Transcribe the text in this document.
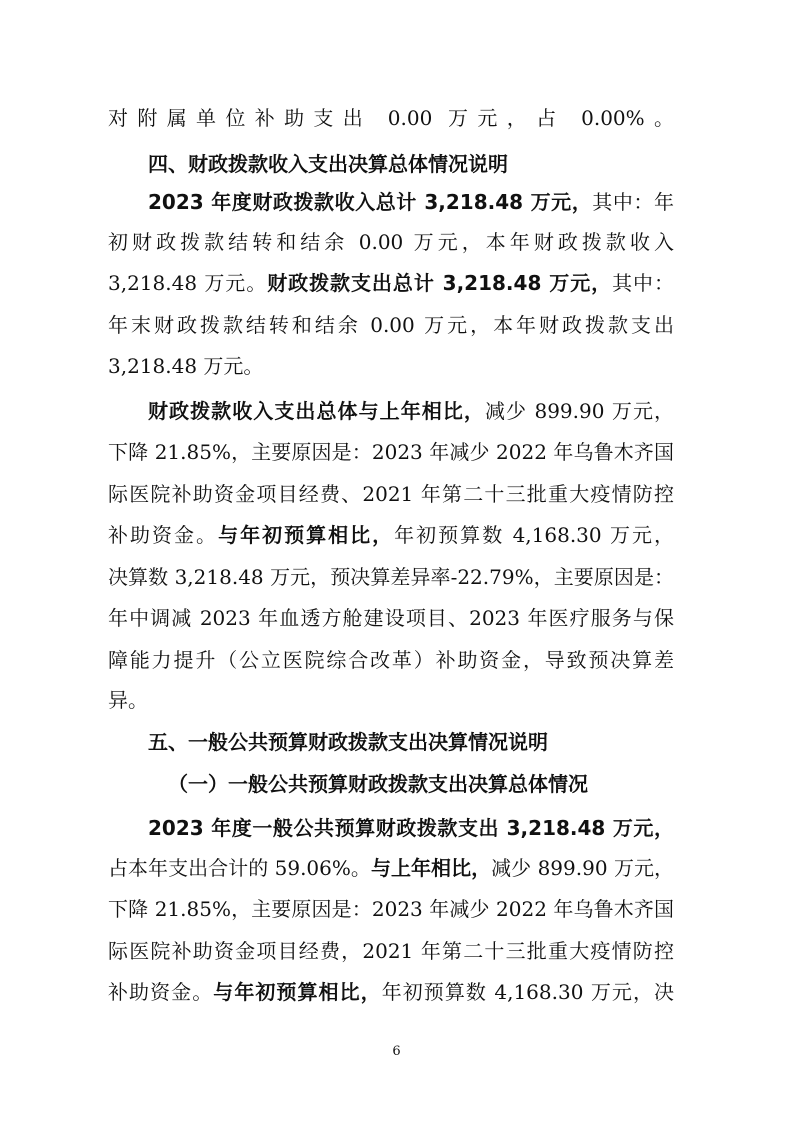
对附属单位补助支出 0.00 万元，占 0.00%。
四、财政拨款收入支出决算总体情况说明
2023 年度财政拨款收入总计 3,218.48 万元，其中：年
初财政拨款结转和结余 0.00 万元，本年财政拨款收入
3,218.48 万元。财政拨款支出总计 3,218.48 万元，其中：
年末财政拨款结转和结余 0.00 万元，本年财政拨款支出
3,218.48 万元。
财政拨款收入支出总体与上年相比，减少 899.90 万元，
下降 21.85%，主要原因是：2023 年减少 2022 年乌鲁木齐国
际医院补助资金项目经费、2021 年第二十三批重大疫情防控
补助资金。与年初预算相比，年初预算数 4,168.30 万元，
决算数 3,218.48 万元，预决算差异率-22.79%，主要原因是：
年中调减 2023 年血透方舱建设项目、2023 年医疗服务与保
障能力提升（公立医院综合改革）补助资金，导致预决算差
异。
五、一般公共预算财政拨款支出决算情况说明
（一）一般公共预算财政拨款支出决算总体情况
2023 年度一般公共预算财政拨款支出 3,218.48 万元，
占本年支出合计的 59.06%。与上年相比，减少 899.90 万元，
下降 21.85%，主要原因是：2023 年减少 2022 年乌鲁木齐国
际医院补助资金项目经费，2021 年第二十三批重大疫情防控
补助资金。与年初预算相比，年初预算数 4,168.30 万元，决
6
